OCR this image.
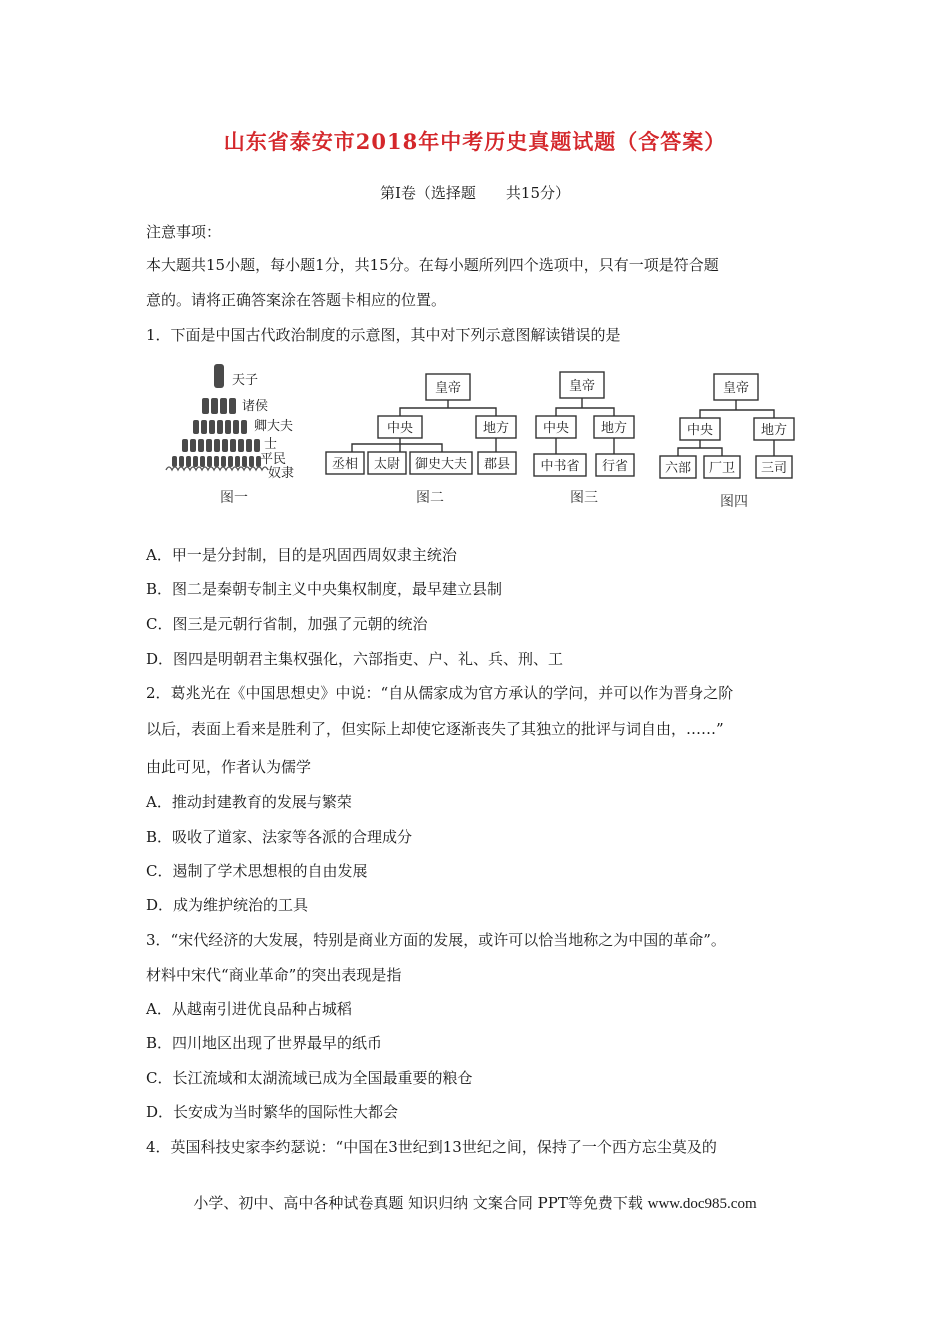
山东省泰安市2018年中考历史真题试题（含答案）
第Ⅰ卷（选择题　　共15分）
注意事项：
本大题共15小题，每小题1分，共15分。在每小题所列四个选项中，只有一项是符合题
意的。请将正确答案涂在答题卡相应的位置。
1．下面是中国古代政治制度的示意图，其中对下列示意图解读错误的是
天子
诸侯
卿大夫
士
平民
奴隶
图一
皇帝
中央	地方
丞相 太尉 御史大夫 郡县
图二
皇帝
中央 地方
中书省 行省
图三
皇帝
中央	地方
六部 厂卫 三司
图四
A．甲一是分封制，目的是巩固西周奴隶主统治
B．图二是秦朝专制主义中央集权制度，最早建立县制
C．图三是元朝行省制，加强了元朝的统治
D．图四是明朝君主集权强化，六部指吏、户、礼、兵、刑、工
2．葛兆光在《中国思想史》中说：“自从儒家成为官方承认的学问，并可以作为晋身之阶
以后，表面上看来是胜利了，但实际上却使它逐渐丧失了其独立的批评与词自由，……”
由此可见，作者认为儒学
A．推动封建教育的发展与繁荣
B．吸收了道家、法家等各派的合理成分
C．遏制了学术思想根的自由发展
D．成为维护统治的工具
3．“宋代经济的大发展，特别是商业方面的发展，或许可以恰当地称之为中国的革命”。
材料中宋代“商业革命”的突出表现是指
A．从越南引进优良品种占城稻
B．四川地区出现了世界最早的纸币
C．长江流域和太湖流域已成为全国最重要的粮仓
D．长安成为当时繁华的国际性大都会
4．英国科技史家李约瑟说：“中国在3世纪到13世纪之间，保持了一个西方忘尘莫及的
小学、初中、高中各种试卷真题 知识归纳 文案合同 PPT等免费下载 www.doc985.com
